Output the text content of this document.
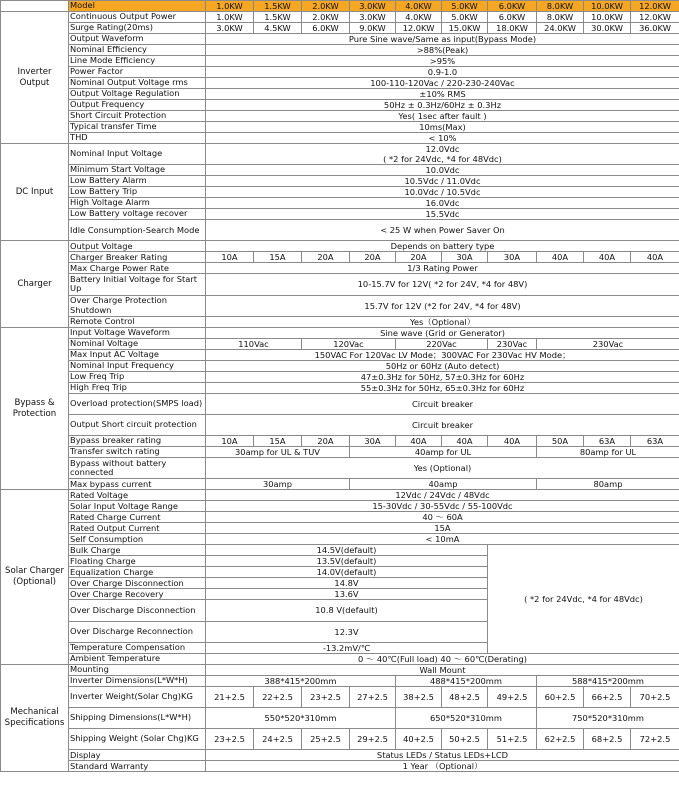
	Model	1.0KW	1.5KW	2.0KW	3.0KW	4.0KW	5.0KW	6.0KW	8.0KW	10.0KW	12.0KW
Inverter Output	Continuous Output Power	1.0KW	1.5KW	2.0KW	3.0KW	4.0KW	5.0KW	6.0KW	8.0KW	10.0KW	12.0KW
	Surge Rating(20ms)	3.0KW	4.5KW	6.0KW	9.0KW	12.0KW	15.0KW	18.0KW	24.0KW	30.0KW	36.0KW
	Output Waveform	Pure Sine wave/Same as input(Bypass Mode)									
	Nominal Efficiency	>88%(Peak)									
	Line Mode Efficiency	>95%									
	Power Factor	0.9-1.0									
	Nominal Output Voltage rms	100-110-120Vac / 220-230-240Vac									
	Output Voltage Regulation	±10% RMS									
	Output Frequency	50Hz ± 0.3Hz/60Hz ± 0.3Hz									
	Short Circuit Protection	Yes( 1sec after fault )									
	Typical transfer Time	10ms(Max)									
	THD	< 10%									
DC Input	Nominal Input Voltage	12.0Vdc
( *2 for 24Vdc, *4 for 48Vdc)									
	Minimum Start Voltage	10.0Vdc									
	Low Battery Alarm	10.5Vdc / 11.0Vdc									
	Low Battery Trip	10.0Vdc / 10.5Vdc									
	High Voltage Alarm	16.0Vdc									
	Low Battery voltage recover	15.5Vdc									
	Idle Consumption-Search Mode	< 25 W when Power Saver On									
Charger	Output Voltage	Depends on battery type									
	Charger Breaker Rating	10A	15A	20A	20A	20A	30A	30A	40A	40A	40A
	Max Charge Power Rate	1/3 Rating Power									
	Battery Initial Voltage for Start Up	10-15.7V for 12V( *2 for 24V, *4 for 48V)									
	Over Charge Protection Shutdown	15.7V for 12V (*2 for 24V, *4 for 48V)									
	Remote Control	Yes（Optional）									
Bypass & Protection	Input Voltage Waveform	Sine wave (Grid or Generator)									
	Nominal Voltage	110Vac		120Vac		220Vac		230Vac	230Vac		
	Max Input AC Voltage	150VAC For 120Vac LV Mode；300VAC For 230Vac HV Mode；									
	Nominal Input Frequency	50Hz or 60Hz (Auto detect)									
	Low Freq Trip	47±0.3Hz for 50Hz, 57±0.3Hz for 60Hz									
	High Freq Trip	55±0.3Hz for 50Hz, 65±0.3Hz for 60Hz									
	Overload protection(SMPS load)	Circuit breaker									
	Output Short circuit protection	Circuit breaker									
	Bypass breaker rating	10A	15A	20A	30A	40A	40A	40A	50A	63A	63A
	Transfer switch rating	30amp for UL & TUV			40amp for UL				80amp for UL		
	Bypass without battery connected	Yes (Optional)									
	Max bypass current	30amp			40amp				80amp		
Solar Charger (Optional)	Rated Voltage	12Vdc / 24Vdc / 48Vdc									
	Solar Input Voltage Range	15-30Vdc / 30-55Vdc / 55-100Vdc									
	Rated Charge Current	40 ～ 60A									
	Rated Output Current	15A									
	Self Consumption	< 10mA									
	Bulk Charge	14.5V(default)						( *2 for 24Vdc, *4 for 48Vdc)			
	Floating Charge	13.5V(default)									
	Equalization Charge	14.0V(default)									
	Over Charge Disconnection	14.8V									
	Over Charge Recovery	13.6V									
	Over Discharge Disconnection	10.8 V(default)									
	Over Discharge Reconnection	12.3V									
	Temperature Compensation	-13.2mV/℃									
	Ambient Temperature	0 ～ 40℃(Full load) 40 ～ 60℃(Derating)									
Mechanical Specifications	Mounting	Wall Mount									
	Inverter Dimensions(L*W*H)	388*415*200mm				488*415*200mm			588*415*200mm		
	Inverter Weight(Solar Chg)KG	21+2.5	22+2.5	23+2.5	27+2.5	38+2.5	48+2.5	49+2.5	60+2.5	66+2.5	70+2.5
	Shipping Dimensions(L*W*H)	550*520*310mm				650*520*310mm			750*520*310mm		
	Shipping Weight (Solar Chg)KG	23+2.5	24+2.5	25+2.5	29+2.5	40+2.5	50+2.5	51+2.5	62+2.5	68+2.5	72+2.5
	Display	Status LEDs / Status LEDs+LCD									
	Standard Warranty	1 Year （Optional）									
